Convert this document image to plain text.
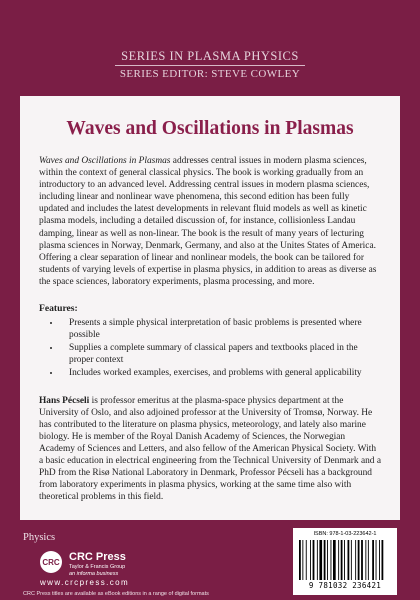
SERIES IN PLASMA PHYSICS
SERIES EDITOR: STEVE COWLEY
Waves and Oscillations in Plasmas

Waves and Oscillations in Plasmas addresses central issues in modern plasma sciences, within the context of general classical physics. The book is working gradually from an introductory to an advanced level. Addressing central issues in modern plasma sciences, including linear and nonlinear wave phenomena, this second edition has been fully updated and includes the latest developments in relevant fluid models as well as kinetic plasma models, including a detailed discussion of, for instance, collisionless Landau damping, linear as well as non-linear. The book is the result of many years of lecturing plasma sciences in Norway, Denmark, Germany, and also at the Unites States of America.

Offering a clear separation of linear and nonlinear models, the book can be tailored for students of varying levels of expertise in plasma physics, in addition to areas as diverse as the space sciences, laboratory experiments, plasma processing, and more.

Features:
• Presents a simple physical interpretation of basic problems is presented where possible
• Supplies a complete summary of classical papers and textbooks placed in the proper context
• Includes worked examples, exercises, and problems with general applicability

Hans Pécseli is professor emeritus at the plasma-space physics department at the University of Oslo, and also adjoined professor at the University of Tromsø, Norway. He has contributed to the literature on plasma physics, meteorology, and lately also marine biology. He is member of the Royal Danish Academy of Sciences, the Norwegian Academy of Sciences and Letters, and also fellow of the American Physical Society. With a basic education in electrical engineering from the Technical University of Denmark and a PhD from the Risø National Laboratory in Denmark, Professor Pécseli has a background from laboratory experiments in plasma physics, working at the same time also with theoretical problems in this field.

Physics
CRC CRC Press
Taylor & Francis Group
an informa business
www.crcpress.com
CRC Press titles are available as eBook editions in a range of digital formats
ISBN: 978-1-03-223642-1
9 781032 236421
